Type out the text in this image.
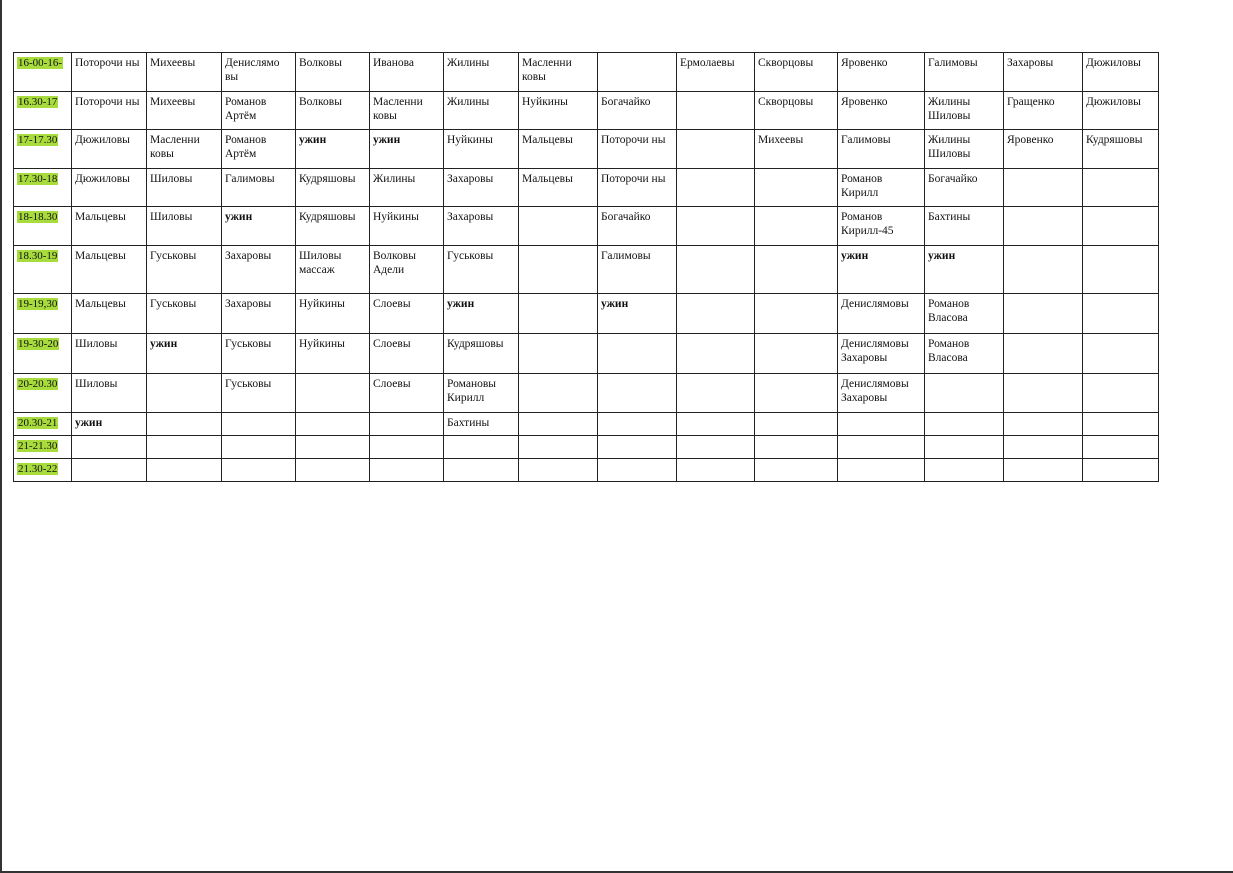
16-00-16-	Поторочи ны	Михеевы	Денислямо вы	Волковы	Иванова	Жилины	Масленни ковы		Ермолаевы	Скворцовы	Яровенко	Галимовы	Захаровы	Дюжиловы
16.30-17	Поторочи ны	Михеевы	Романов Артём	Волковы	Масленни ковы	Жилины	Нуйкины	Богачайко		Скворцовы	Яровенко	Жилины Шиловы	Гращенко	Дюжиловы
17-17.30	Дюжиловы	Масленни ковы	Романов Артём	ужин	ужин	Нуйкины	Мальцевы	Поторочи ны		Михеевы	Галимовы	Жилины Шиловы	Яровенко	Кудряшовы
17.30-18	Дюжиловы	Шиловы	Галимовы	Кудряшовы	Жилины	Захаровы	Мальцевы	Поторочи ны			Романов Кирилл	Богачайко		
18-18.30	Мальцевы	Шиловы	ужин	Кудряшовы	Нуйкины	Захаровы		Богачайко			Романов Кирилл-45	Бахтины		
18.30-19	Мальцевы	Гуськовы	Захаровы	Шиловы массаж	Волковы Адели	Гуськовы		Галимовы			ужин	ужин		
19-19,30	Мальцевы	Гуськовы	Захаровы	Нуйкины	Слоевы	ужин		ужин			Денислямовы	Романов Власова		
19-30-20	Шиловы	ужин	Гуськовы	Нуйкины	Слоевы	Кудряшовы					Денислямовы Захаровы	Романов Власова		
20-20.30	Шиловы		Гуськовы		Слоевы	Романовы Кирилл					Денислямовы Захаровы			
20.30-21	ужин					Бахтины								
21-21.30														
21.30-22														
